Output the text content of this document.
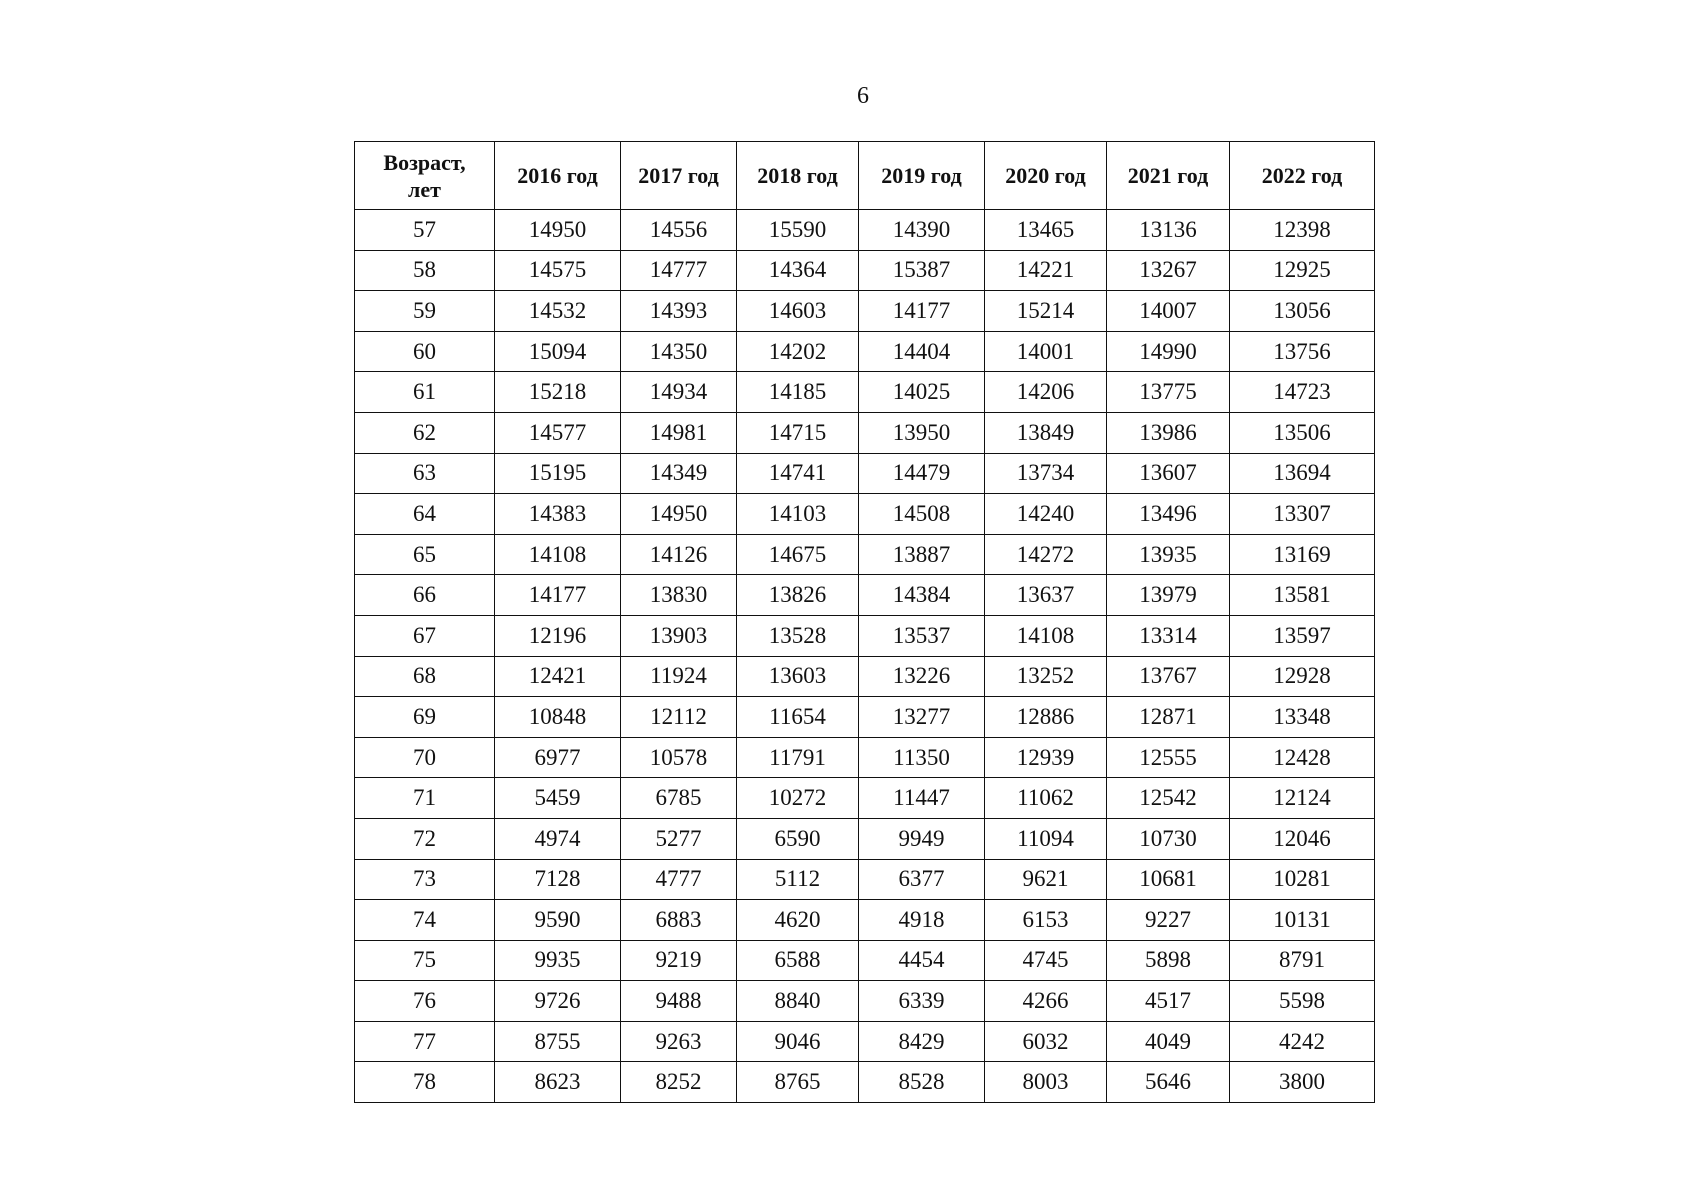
6
Возраст, лет	2016 год	2017 год	2018 год	2019 год	2020 год	2021 год	2022 год
57	14950	14556	15590	14390	13465	13136	12398
58	14575	14777	14364	15387	14221	13267	12925
59	14532	14393	14603	14177	15214	14007	13056
60	15094	14350	14202	14404	14001	14990	13756
61	15218	14934	14185	14025	14206	13775	14723
62	14577	14981	14715	13950	13849	13986	13506
63	15195	14349	14741	14479	13734	13607	13694
64	14383	14950	14103	14508	14240	13496	13307
65	14108	14126	14675	13887	14272	13935	13169
66	14177	13830	13826	14384	13637	13979	13581
67	12196	13903	13528	13537	14108	13314	13597
68	12421	11924	13603	13226	13252	13767	12928
69	10848	12112	11654	13277	12886	12871	13348
70	6977	10578	11791	11350	12939	12555	12428
71	5459	6785	10272	11447	11062	12542	12124
72	4974	5277	6590	9949	11094	10730	12046
73	7128	4777	5112	6377	9621	10681	10281
74	9590	6883	4620	4918	6153	9227	10131
75	9935	9219	6588	4454	4745	5898	8791
76	9726	9488	8840	6339	4266	4517	5598
77	8755	9263	9046	8429	6032	4049	4242
78	8623	8252	8765	8528	8003	5646	3800
